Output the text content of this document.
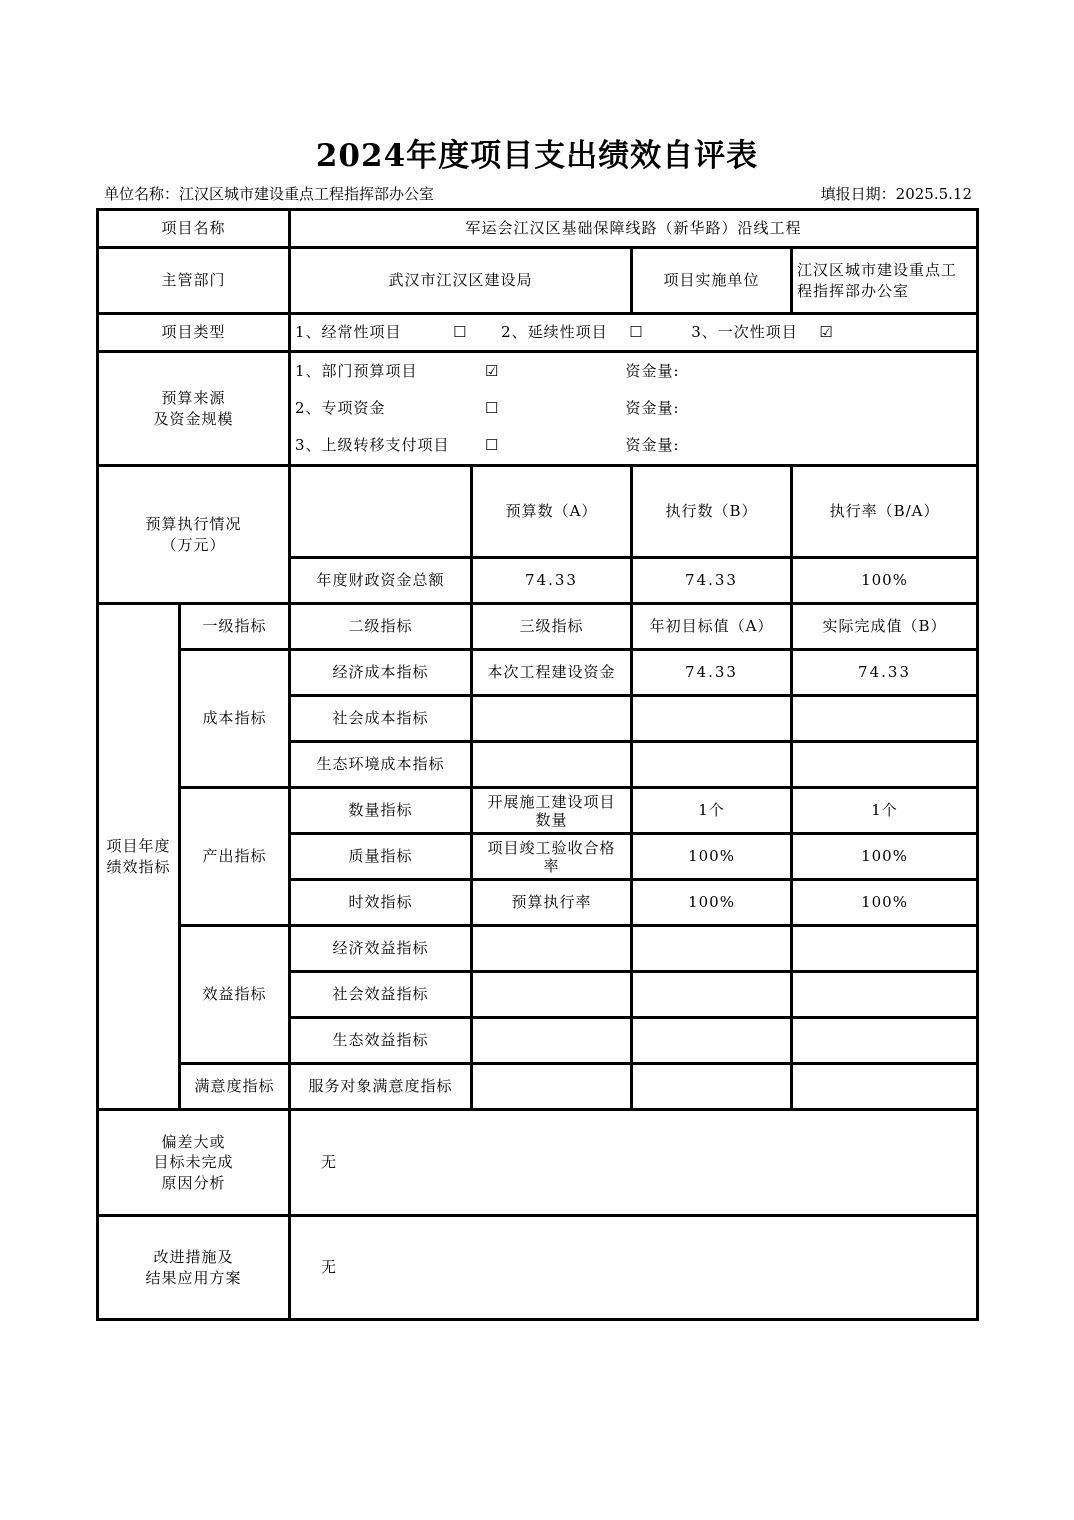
2024年度项目支出绩效自评表
单位名称：江汉区城市建设重点工程指挥部办公室	填报日期：2025.5.12
项目名称		军运会江汉区基础保障线路（新华路）沿线工程			
主管部门		武汉市江汉区建设局		项目实施单位	江汉区城市建设重点工
程指挥部办公室
项目类型		1、经常性项目 ☐ 2、延续性项目 ☐ 3、一次性项目 ☑			
预算来源
及资金规模		1、部门预算项目 ☑ 资金量:
2、专项资金 ☐ 资金量:
3、上级转移支付项目 ☐ 资金量:			

预算执行情况
（万元）			预算数（A）	执行数（B）	执行率（B/A）
		年度财政资金总额	74.33	74.33	100%
项目年度
绩效指标	一级指标	二级指标	三级指标	年初目标值（A）	实际完成值（B）
	成本指标	经济成本指标	本次工程建设资金	74.33	74.33
		社会成本指标			
		生态环境成本指标			
	产出指标	数量指标	开展施工建设项目
数量	1个	1个
		质量指标	项目竣工验收合格
率	100%	100%
		时效指标	预算执行率	100%	100%
	效益指标	经济效益指标			
		社会效益指标			
		生态效益指标			
	满意度指标	服务对象满意度指标			
偏差大或
目标未完成
原因分析		无			
改进措施及
结果应用方案		无			
